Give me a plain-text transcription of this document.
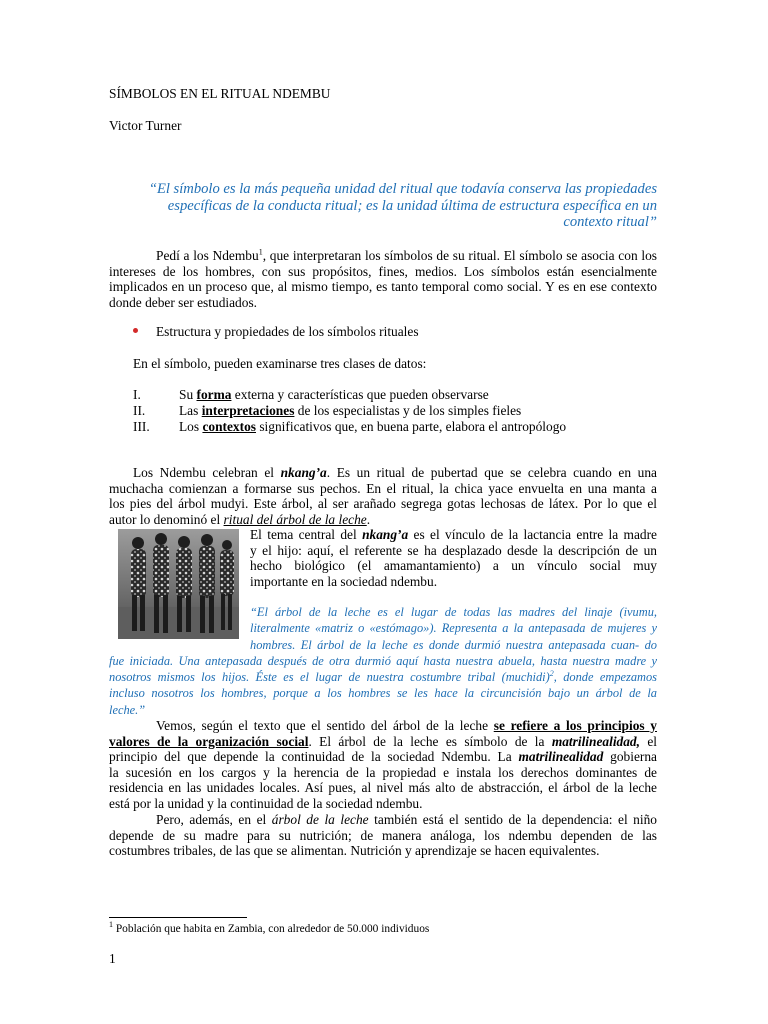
SÍMBOLOS EN EL RITUAL NDEMBU

Victor Turner

“El símbolo es la más pequeña unidad del ritual que todavía conserva las propiedades
específicas de la conducta ritual; es la unidad última de estructura específica en un
contexto ritual”

Pedí a los Ndembu$^1$, que interpretaran los símbolos de su ritual. El símbolo se asocia con los intereses de los hombres, con sus propósitos, fines, medios. Los símbolos están esencialmente implicados en un proceso que, al mismo tiempo, es tanto temporal como social. Y es en ese contexto donde deber ser estudiados.

Estructura y propiedades de los símbolos rituales

En el símbolo, pueden examinarse tres clases de datos:

I.	Su forma externa y características que pueden observarse
II.	Las interpretaciones de los especialistas y de los simples fieles
III.	Los contextos significativos que, en buena parte, elabora el antropólogo
Los Ndembu celebran el nkang’a. Es un ritual de pubertad que se celebra cuando en una
muchacha comienzan a formarse sus pechos. En el ritual, la chica yace envuelta en una manta a
los pies del árbol mudyi. Este árbol, al ser arañado segrega gotas lechosas de látex. Por lo que el
autor lo denominó el ritual del árbol de la leche.
El tema central del nkang’a es el vínculo de la lactancia entre la madre
y el hijo: aquí, el referente se ha desplazado desde la descripción de un
hecho biológico (el amamantamiento) a un vínculo social muy
importante en la sociedad ndembu.
“El árbol de la leche es el lugar de todas las madres del linaje (ivumu,
literalmente «matriz o «estómago»). Representa a la antepasada de mujeres y
hombres. El árbol de la leche es donde durmió nuestra antepasada cuan- do
fue iniciada. Una antepasada después de otra durmió aquí hasta nuestra abuela, hasta nuestra madre y
nosotros mismos los hijos. Éste es el lugar de nuestra costumbre tribal (muchidi)$^2$, donde empezamos
incluso nosotros los hombres, porque a los hombres se les hace la circuncisión bajo un árbol de la
leche.”
Vemos, según el texto que el sentido del árbol de la leche se refiere a los principios y
valores de la organización social. El árbol de la leche es símbolo de la matrilinealidad, el
principio del que depende la continuidad de la sociedad Ndembu. La matrilinealidad gobierna
la sucesión en los cargos y la herencia de la propiedad e instala los derechos dominantes de
residencia en las unidades locales. Así pues, al nivel más alto de abstracción, el árbol de la leche
está por la unidad y la continuidad de la sociedad ndembu.
Pero, además, en el árbol de la leche también está el sentido de la dependencia: el niño
depende de su madre para su nutrición; de manera análoga, los ndembu dependen de las
costumbres tribales, de las que se alimentan. Nutrición y aprendizaje se hacen equivalentes.

$^1$ Población que habita en Zambia, con alrededor de 50.000 individuos

1
